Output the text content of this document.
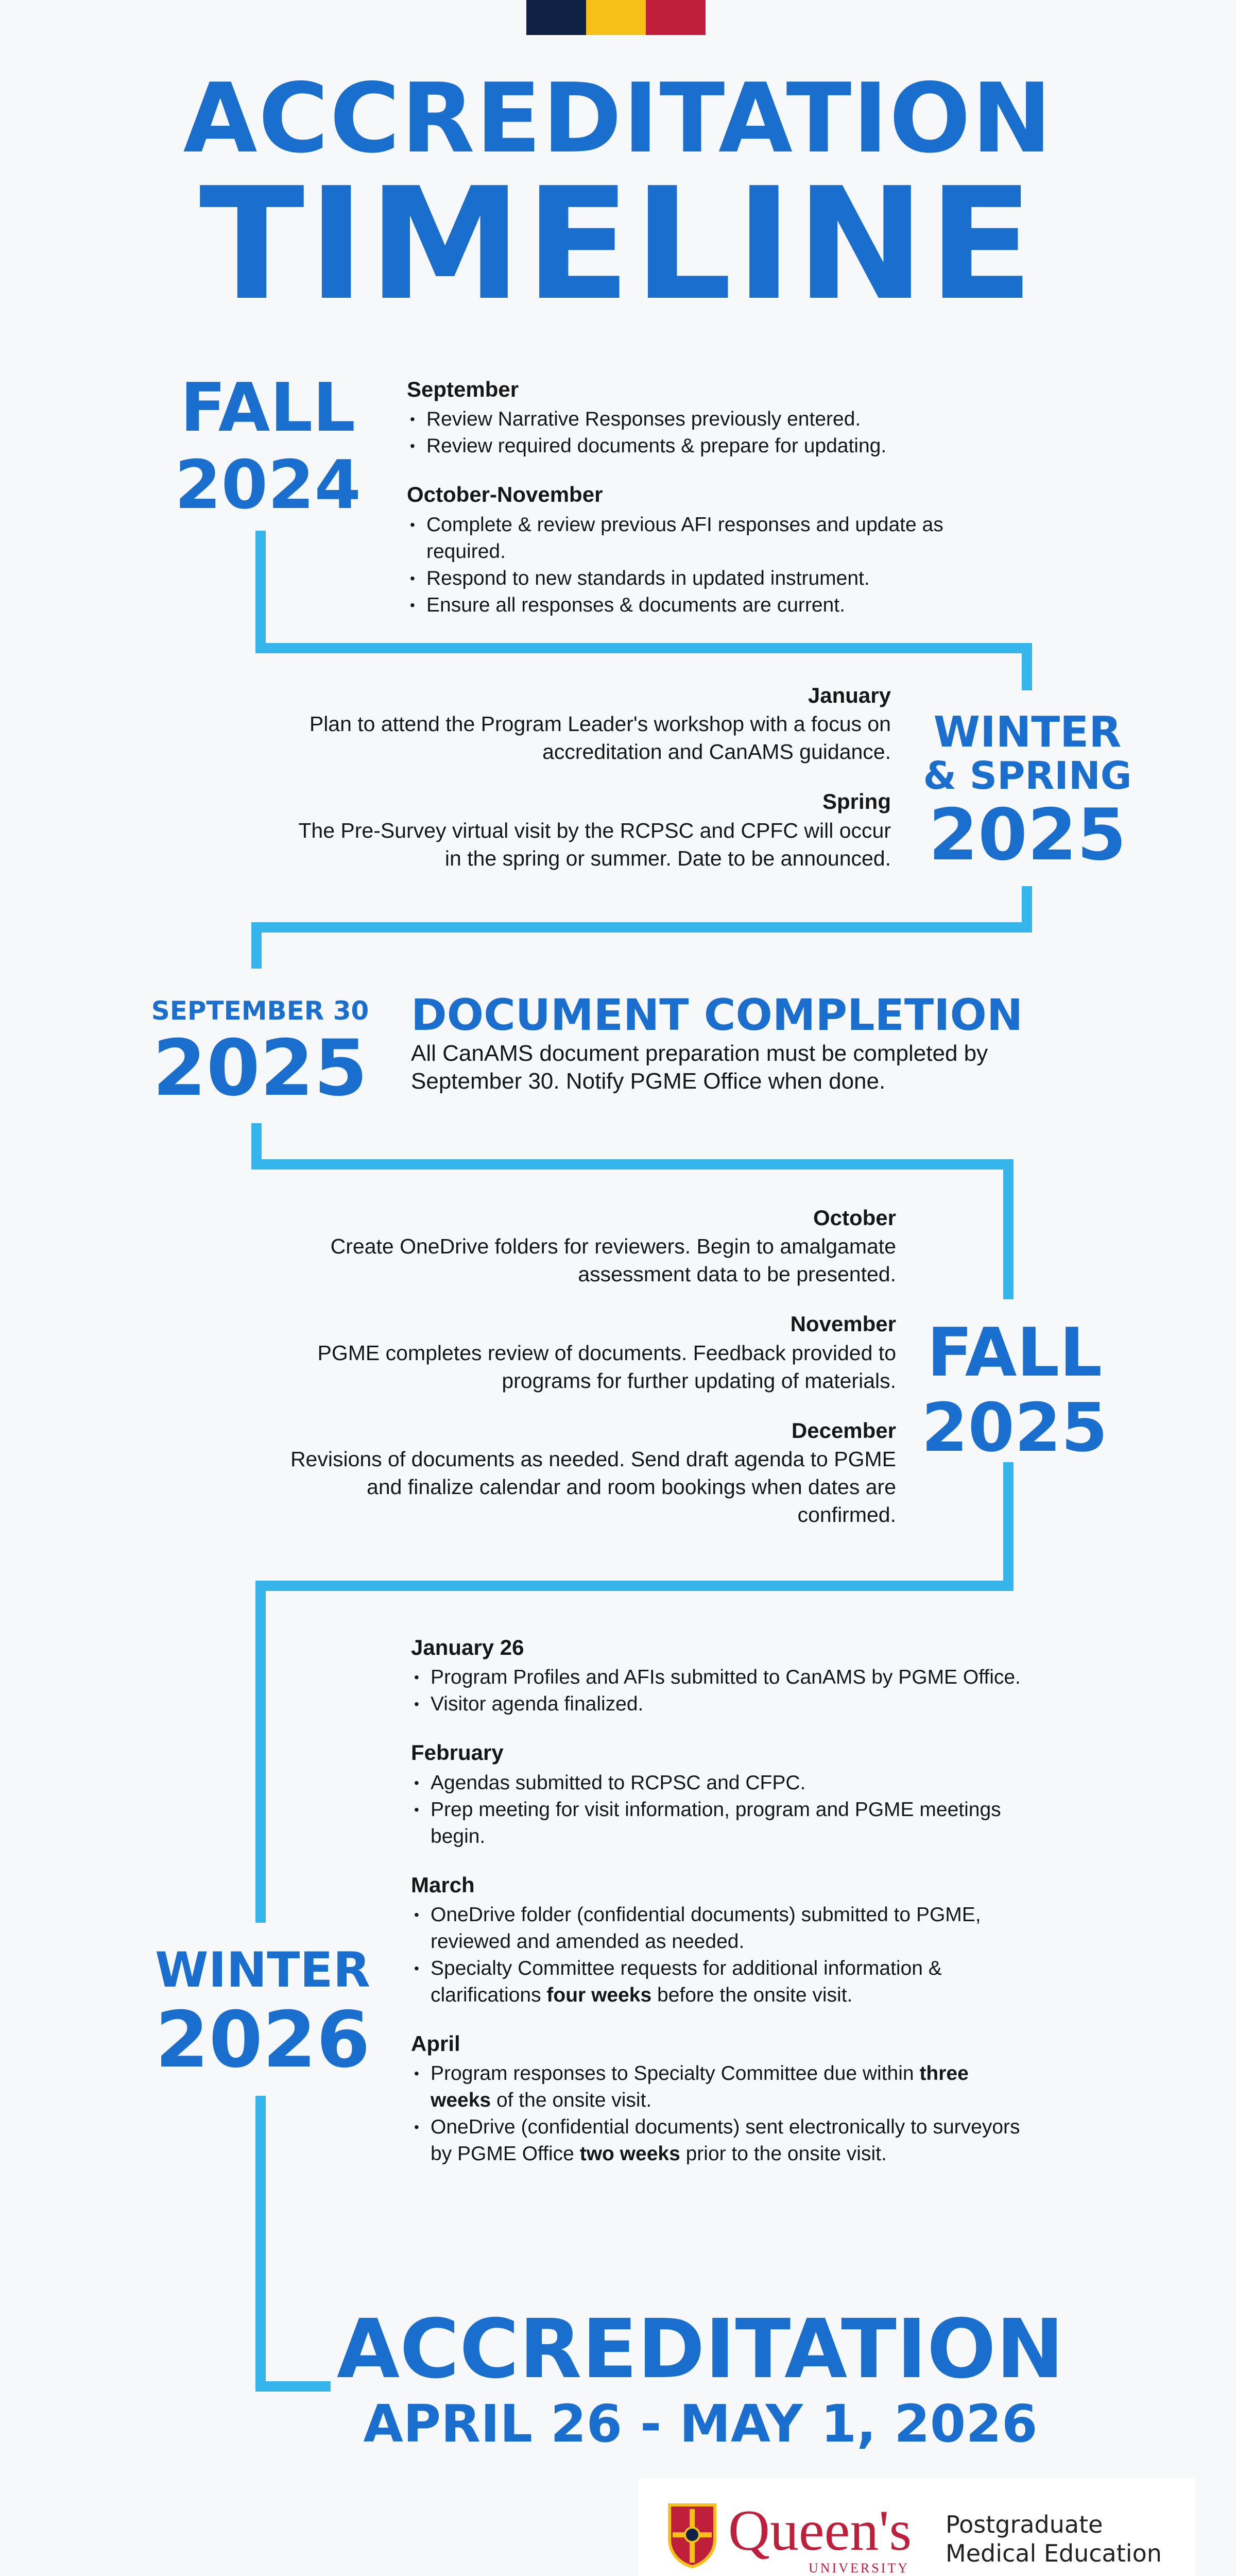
ACCREDITATION
TIMELINE
FALL
2024
September
• Review Narrative Responses previously entered.
• Review required documents & prepare for updating.
October-November
• Complete & review previous AFI responses and update as required.
• Respond to new standards in updated instrument.
• Ensure all responses & documents are current.
January

Plan to attend the Program Leader's workshop with a focus on accreditation and CanAMS guidance.

Spring

The Pre-Survey virtual visit by the RCPSC and CPFC will occur in the spring or summer. Date to be announced.

WINTER
& SPRING
2025
SEPTEMBER 30
2025
DOCUMENT COMPLETION
All CanAMS document preparation must be completed by September 30. Notify PGME Office when done.
October

Create OneDrive folders for reviewers. Begin to amalgamate assessment data to be presented.

November

PGME completes review of documents. Feedback provided to programs for further updating of materials.

December

Revisions of documents as needed. Send draft agenda to PGME and finalize calendar and room bookings when dates are confirmed.

FALL
2025
January 26
• Program Profiles and AFIs submitted to CanAMS by PGME Office.
• Visitor agenda finalized.
February
• Agendas submitted to RCPSC and CFPC.
• Prep meeting for visit information, program and PGME meetings begin.
March
• OneDrive folder (confidential documents) submitted to PGME, reviewed and amended as needed.
• Specialty Committee requests for additional information & clarifications four weeks before the onsite visit.
April
• Program responses to Specialty Committee due within three weeks of the onsite visit.
• OneDrive (confidential documents) sent electronically to surveyors by PGME Office two weeks prior to the onsite visit.
WINTER
2026
ACCREDITATION
APRIL 26 - MAY 1, 2026
Queen's
UNIVERSITY
Postgraduate
Medical Education
